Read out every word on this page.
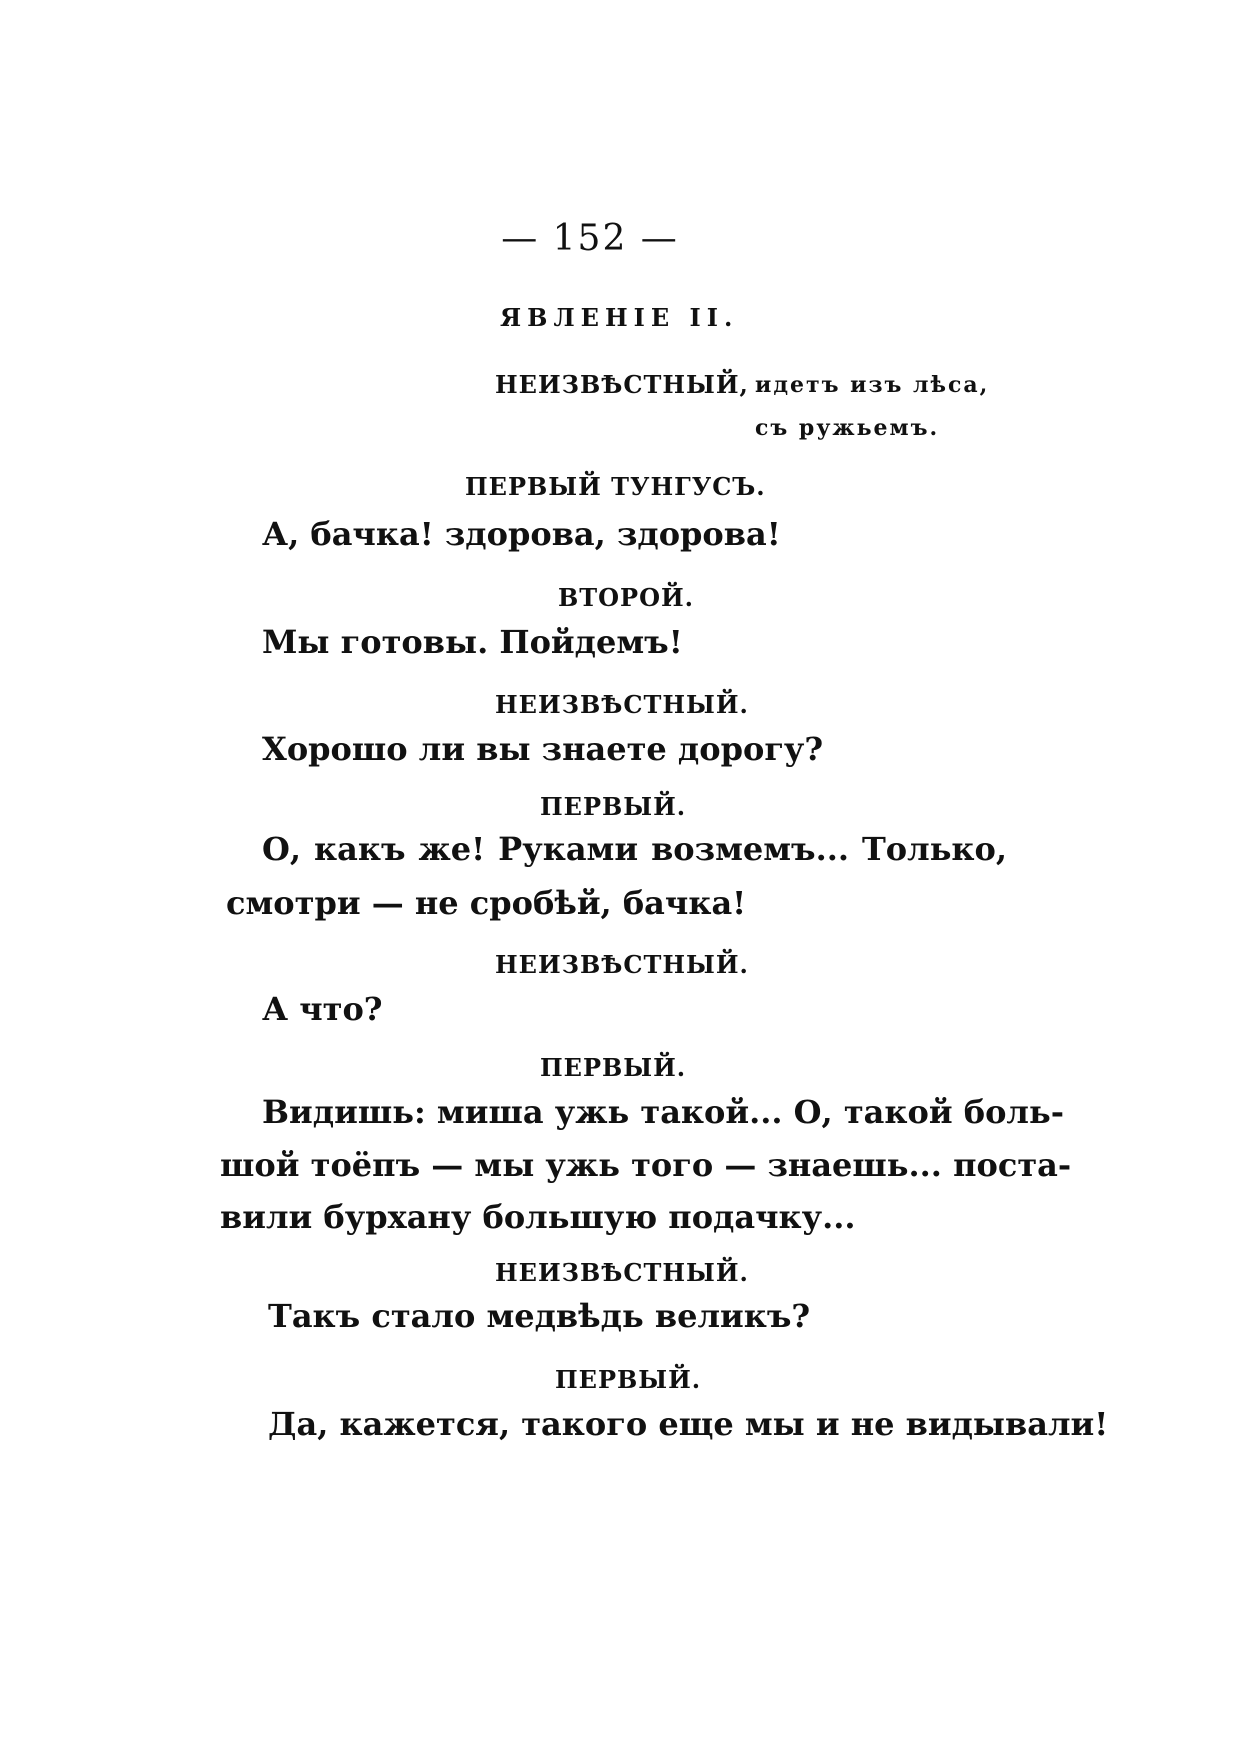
— 152 —
ЯВЛЕНІЕ II.
НЕИЗВѢСТНЫЙ, идетъ изъ лѣса,
съ ружьемъ.
ПЕРВЫЙ ТУНГУСЪ.
А, бачка! здорова, здорова!
ВТОРОЙ.
Мы готовы. Пойдемъ!
НЕИЗВѢСТНЫЙ.
Хорошо ли вы знаете дорогу?
ПЕРВЫЙ.
О, какъ же! Руками возмемъ... Только,
смотри — не сробѣй, бачка!
НЕИЗВѢСТНЫЙ.
А что?
ПЕРВЫЙ.
Видишь: миша ужь такой... О, такой боль-
шой тоёпъ — мы ужь того — знаешь... поста-
вили бурхану большую подачку...
НЕИЗВѢСТНЫЙ.
Такъ стало медвѣдь великъ?
ПЕРВЫЙ.
Да, кажется, такого еще мы и не видывали!
